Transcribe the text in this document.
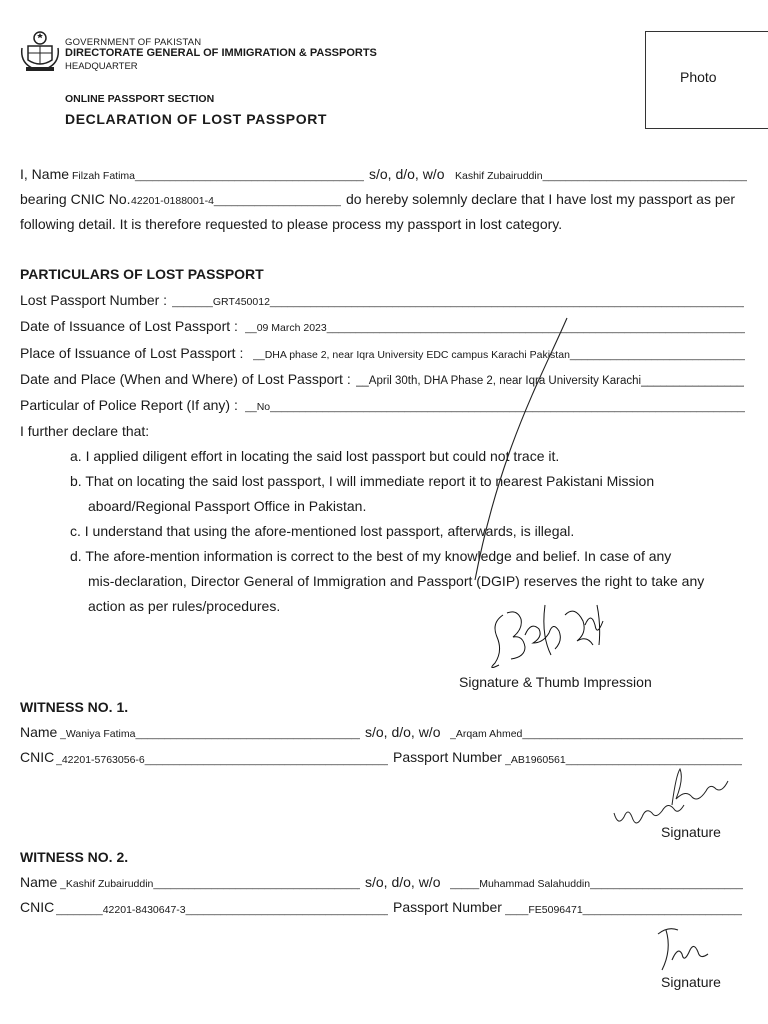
GOVERNMENT OF PAKISTAN
DIRECTORATE GENERAL OF IMMIGRATION & PASSPORTS
HEADQUARTER
ONLINE PASSPORT SECTION
DECLARATION OF LOST PASSPORT
Photo
I, Name Filzah Fatima _____	s/o, d/o, w/o Kashif Zubairuddin _____
bearing CNIC No. 42201-0188001-4 _____	do hereby solemnly declare that I have lost my passport as per
following detail. It is therefore requested to please process my passport in lost category.
PARTICULARS OF LOST PASSPORT
Lost Passport Number : _______GRT450012 _____
Date of Issuance of Lost Passport : __09 March 2023 _____
Place of Issuance of Lost Passport : __DHA phase 2, near Iqra University EDC campus Karachi Pakistan _____
Date and Place (When and Where) of Lost Passport : __April 30th, DHA Phase 2, near Iqra University Karachi _____
Particular of Police Report (If any) : __No _____
I further declare that:
a. I applied diligent effort in locating the said lost passport but could not trace it.
b. That on locating the said lost passport, I will immediate report it to nearest Pakistani Mission
aboard/Regional Passport Office in Pakistan.
c. I understand that using the afore-mentioned lost passport, afterwards, is illegal.
d. The afore-mention information is correct to the best of my knowledge and belief. In case of any
mis-declaration, Director General of Immigration and Passport (DGIP) reserves the right to take any
action as per rules/procedures.
Signature & Thumb Impression
WITNESS NO. 1.
Name _Waniya Fatima _____	s/o, d/o, w/o _Arqam Ahmed _____
CNIC _42201-5763056-6 _____	Passport Number _AB1960561 _____
Signature
WITNESS NO. 2.
Name _Kashif Zubairuddin _____	s/o, d/o, w/o _____Muhammad Salahuddin _____
CNIC ________42201-8430647-3 _____	Passport Number ____FE5096471 _____
Signature
